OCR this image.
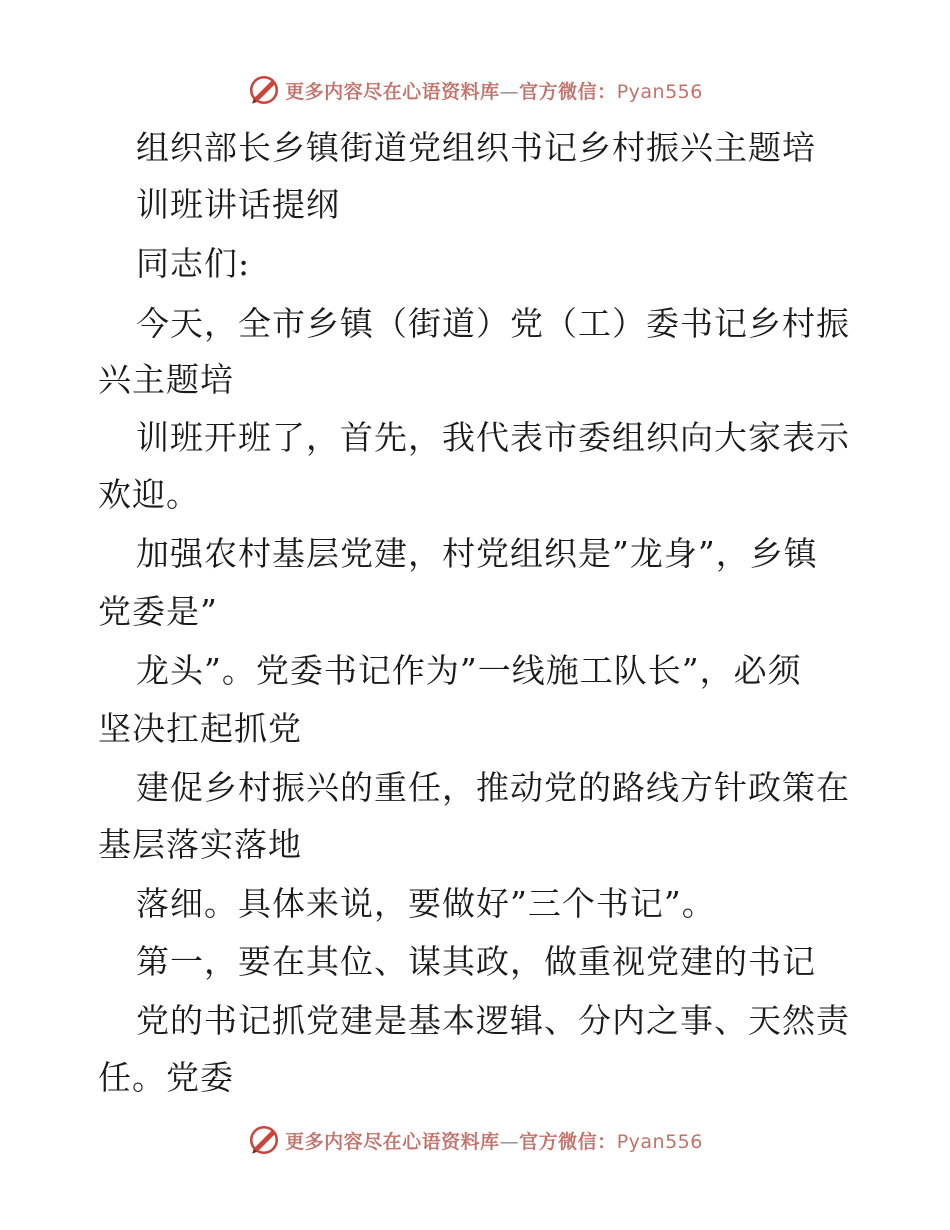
更多内容尽在心语资料库—官方微信：Pyan556
组织部长乡镇街道党组织书记乡村振兴主题培
训班讲话提纲
同志们:
今天，全市乡镇（街道）党（工）委书记乡村振
兴主题培
训班开班了，首先，我代表市委组织向大家表示
欢迎。
加强农村基层党建，村党组织是”龙身”，乡镇
党委是”
龙头”。党委书记作为”一线施工队长”，必须
坚决扛起抓党
建促乡村振兴的重任，推动党的路线方针政策在
基层落实落地
落细。具体来说，要做好”三个书记”。
第一，要在其位、谋其政，做重视党建的书记
党的书记抓党建是基本逻辑、分内之事、天然责
任。党委
更多内容尽在心语资料库—官方微信：Pyan556
